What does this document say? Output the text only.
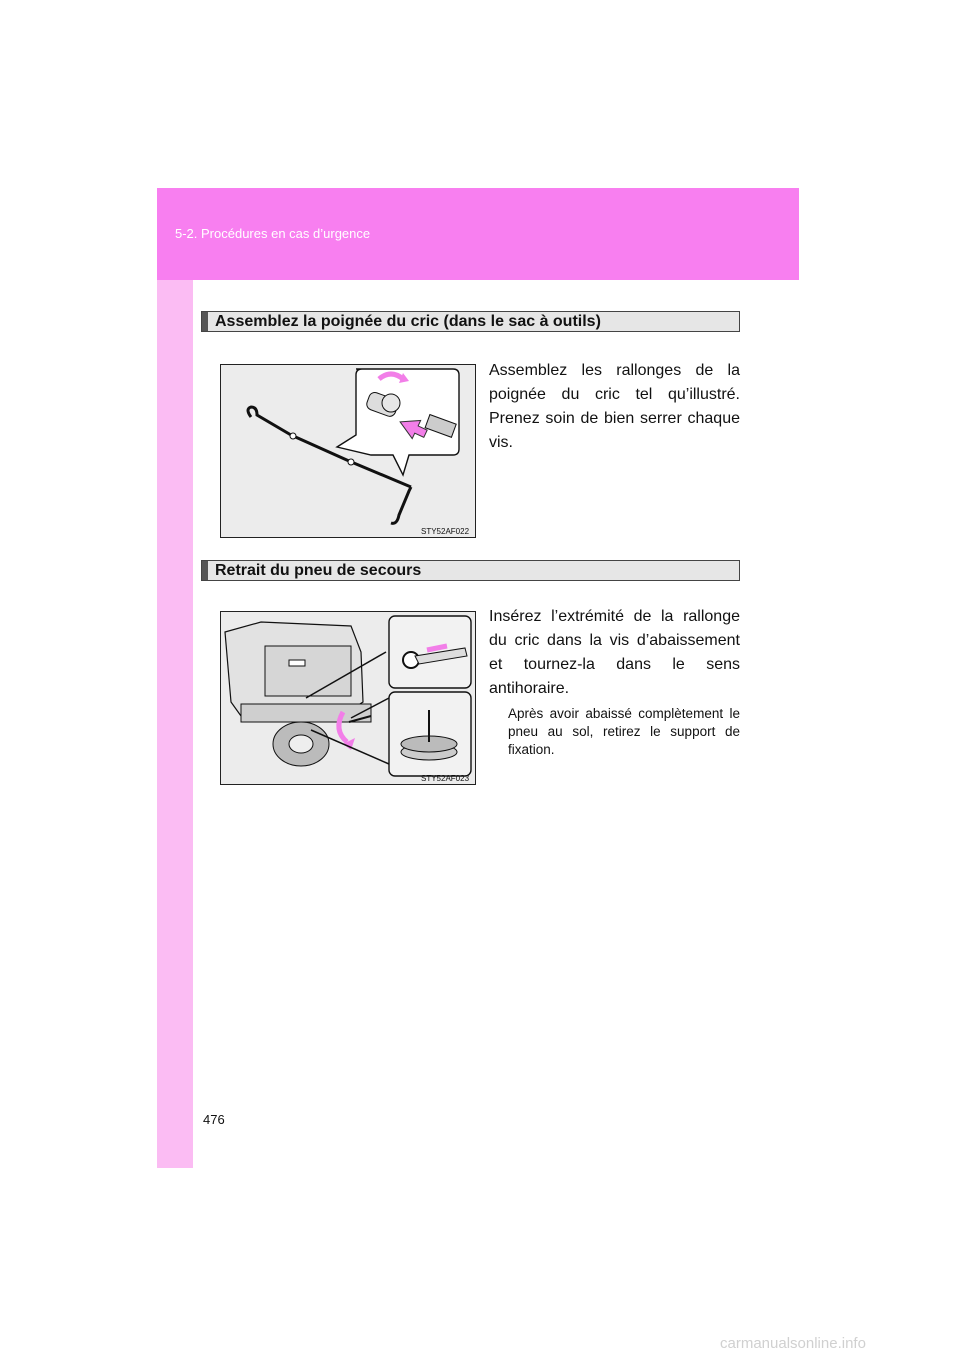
5-2. Procédures en cas d’urgence
Assemblez la poignée du cric (dans le sac à outils)
STY52AF022
Assemblez les rallonges de la poignée du cric tel qu’illustré. Prenez soin de bien serrer chaque vis.
Retrait du pneu de secours
STY52AF023
Insérez l’extrémité de la rallonge du cric dans la vis d’abaissement et tournez-la dans le sens antihoraire.
Après avoir abaissé complètement le pneu au sol, retirez le support de fixation.
476
carmanualsonline.info
